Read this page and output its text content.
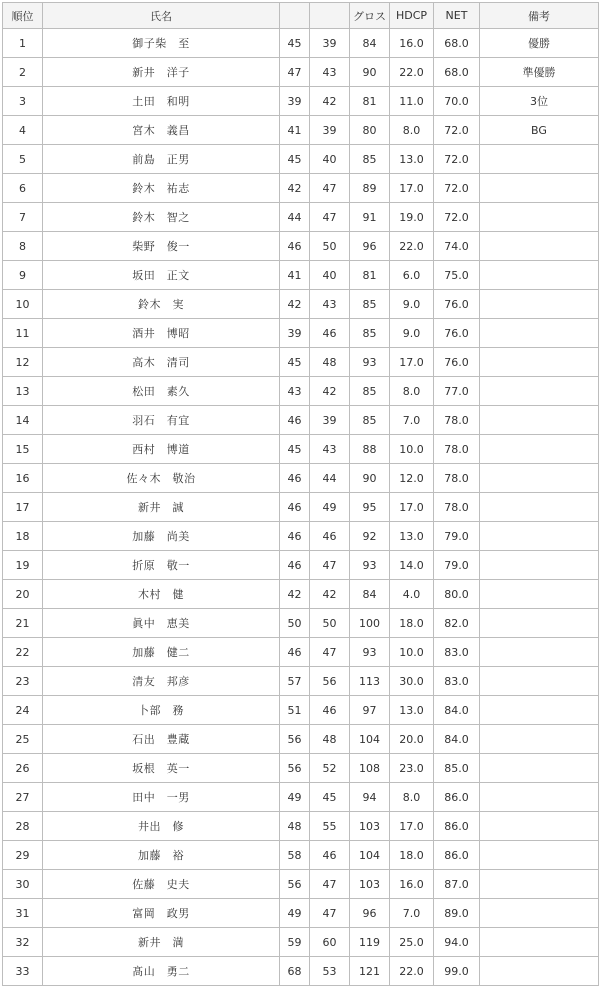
順位	氏名			グロス	HDCP	NET	備考
1	御子柴　至	45	39	84	16.0	68.0	優勝
2	新井　洋子	47	43	90	22.0	68.0	準優勝
3	土田　和明	39	42	81	11.0	70.0	3位
4	宮木　義昌	41	39	80	8.0	72.0	BG
5	前島　正男	45	40	85	13.0	72.0	
6	鈴木　祐志	42	47	89	17.0	72.0	
7	鈴木　智之	44	47	91	19.0	72.0	
8	柴野　俊一	46	50	96	22.0	74.0	
9	坂田　正文	41	40	81	6.0	75.0	
10	鈴木　実	42	43	85	9.0	76.0	
11	酒井　博昭	39	46	85	9.0	76.0	
12	高木　清司	45	48	93	17.0	76.0	
13	松田　素久	43	42	85	8.0	77.0	
14	羽石　有宜	46	39	85	7.0	78.0	
15	西村　博道	45	43	88	10.0	78.0	
16	佐々木　敬治	46	44	90	12.0	78.0	
17	新井　誠	46	49	95	17.0	78.0	
18	加藤　尚美	46	46	92	13.0	79.0	
19	折原　敬一	46	47	93	14.0	79.0	
20	木村　健	42	42	84	4.0	80.0	
21	眞中　恵美	50	50	100	18.0	82.0	
22	加藤　健二	46	47	93	10.0	83.0	
23	清友　邦彦	57	56	113	30.0	83.0	
24	卜部　務	51	46	97	13.0	84.0	
25	石出　豊蔵	56	48	104	20.0	84.0	
26	坂根　英一	56	52	108	23.0	85.0	
27	田中　一男	49	45	94	8.0	86.0	
28	井出　修	48	55	103	17.0	86.0	
29	加藤　裕	58	46	104	18.0	86.0	
30	佐藤　史夫	56	47	103	16.0	87.0	
31	富岡　政男	49	47	96	7.0	89.0	
32	新井　満	59	60	119	25.0	94.0	
33	髙山　勇二	68	53	121	22.0	99.0	
